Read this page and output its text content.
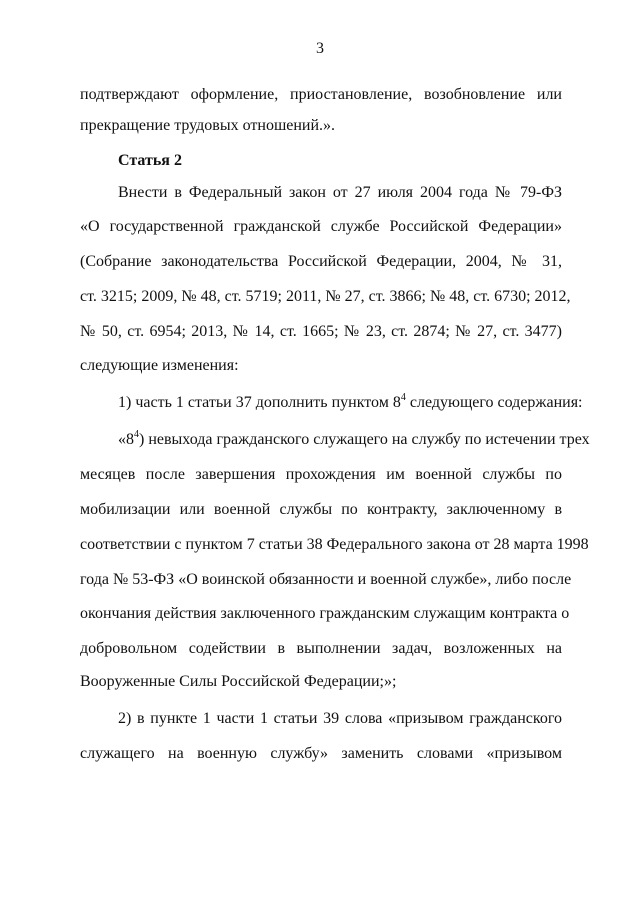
3
подтверждают оформление, приостановление, возобновление или
прекращение трудовых отношений.».
Статья 2
Внести в Федеральный закон от 27 июля 2004 года № 79-ФЗ
«О государственной гражданской службе Российской Федерации»
(Собрание законодательства Российской Федерации, 2004, № 31,
ст. 3215; 2009, № 48, ст. 5719; 2011, № 27, ст. 3866; № 48, ст. 6730; 2012,
№ 50, ст. 6954; 2013, № 14, ст. 1665; № 23, ст. 2874; № 27, ст. 3477)
следующие изменения:
1) часть 1 статьи 37 дополнить пунктом $8^4$ следующего содержания:
«$8^4$) невыхода гражданского служащего на службу по истечении трех
месяцев после завершения прохождения им военной службы по
мобилизации или военной службы по контракту, заключенному в
соответствии с пунктом 7 статьи 38 Федерального закона от 28 марта 1998
года № 53-ФЗ «О воинской обязанности и военной службе», либо после
окончания действия заключенного гражданским служащим контракта о
добровольном содействии в выполнении задач, возложенных на
Вооруженные Силы Российской Федерации;»;
2) в пункте 1 части 1 статьи 39 слова «призывом гражданского
служащего на военную службу» заменить словами «призывом
